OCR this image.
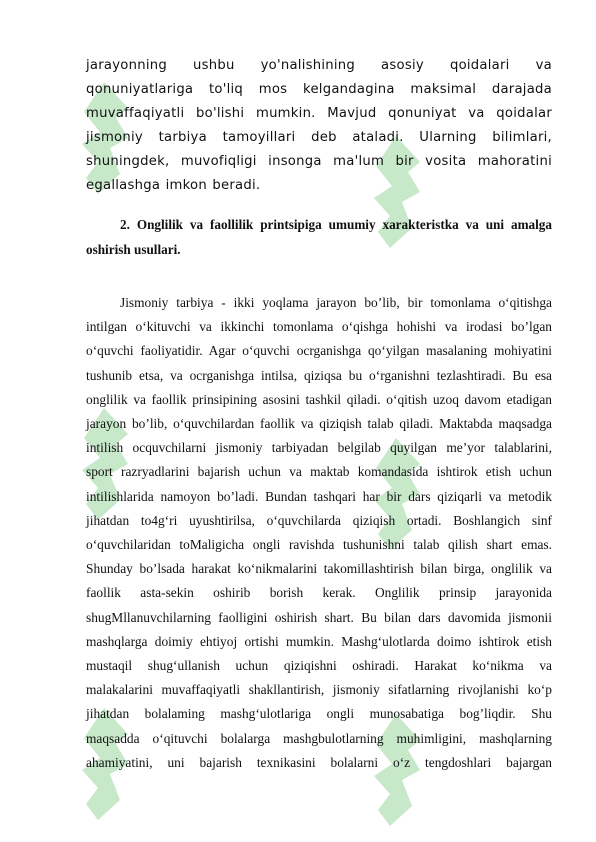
jarayonning ushbu yo'nalishining asosiy qoidalari va
qonuniyatlariga to'liq mos kelgandagina maksimal darajada
muvaffaqiyatli bo'lishi mumkin. Mavjud qonuniyat va qoidalar
jismoniy tarbiya tamoyillari deb ataladi. Ularning bilimlari,
shuningdek, muvofiqligi insonga ma'lum bir vosita mahoratini
egallashga imkon beradi.
2. Onglilik va faollilik printsipiga umumiy xarakteristka va uni amalga oshirish usullari.
Jismoniy tarbiya - ikki yoqlama jarayon bo’lib, bir tomonlama o‘qitishga
intilgan o‘kituvchi va ikkinchi tomonlama o‘qishga hohishi va irodasi bo’lgan
o‘quvchi faoliyatidir. Agar o‘quvchi ocrganishga qo‘yilgan masalaning mohiyatini
tushunib etsa, va ocrganishga intilsa, qiziqsa bu o‘rganishni tezlashtiradi. Bu esa
onglilik va faollik prinsipining asosini tashkil qiladi. o‘qitish uzoq davom etadigan
jarayon bo’lib, o‘quvchilardan faollik va qiziqish talab qiladi. Maktabda maqsadga
intilish ocquvchilarni jismoniy tarbiyadan belgilab quyilgan me’yor talablarini,
sport razryadlarini bajarish uchun va maktab komandasida ishtirok etish uchun
intilishlarida namoyon bo’ladi. Bundan tashqari har bir dars qiziqarli va metodik
jihatdan to4g‘ri uyushtirilsa, o‘quvchilarda qiziqish ortadi. Boshlangich sinf
o‘quvchilaridan toMaligicha ongli ravishda tushunishni talab qilish shart emas.
Shunday bo’lsada harakat ko‘nikmalarini takomillashtirish bilan birga, onglilik va
faollik asta-sekin oshirib borish kerak. Onglilik prinsip jarayonida
shugMllanuvchilarning faolligini oshirish shart. Bu bilan dars davomida jismonii
mashqlarga doimiy ehtiyoj ortishi mumkin. Mashg‘ulotlarda doimo ishtirok etish
mustaqil shug‘ullanish uchun qiziqishni oshiradi. Harakat ko‘nikma va
malakalarini muvaffaqiyatli shakllantirish, jismoniy sifatlarning rivojlanishi ko‘p
jihatdan bolalaming mashg‘ulotlariga ongli munosabatiga bog’liqdir. Shu
maqsadda o‘qituvchi bolalarga mashgbulotlarning muhimligini, mashqlarning
ahamiyatini, uni bajarish texnikasini bolalarni o‘z tengdoshlari bajargan
